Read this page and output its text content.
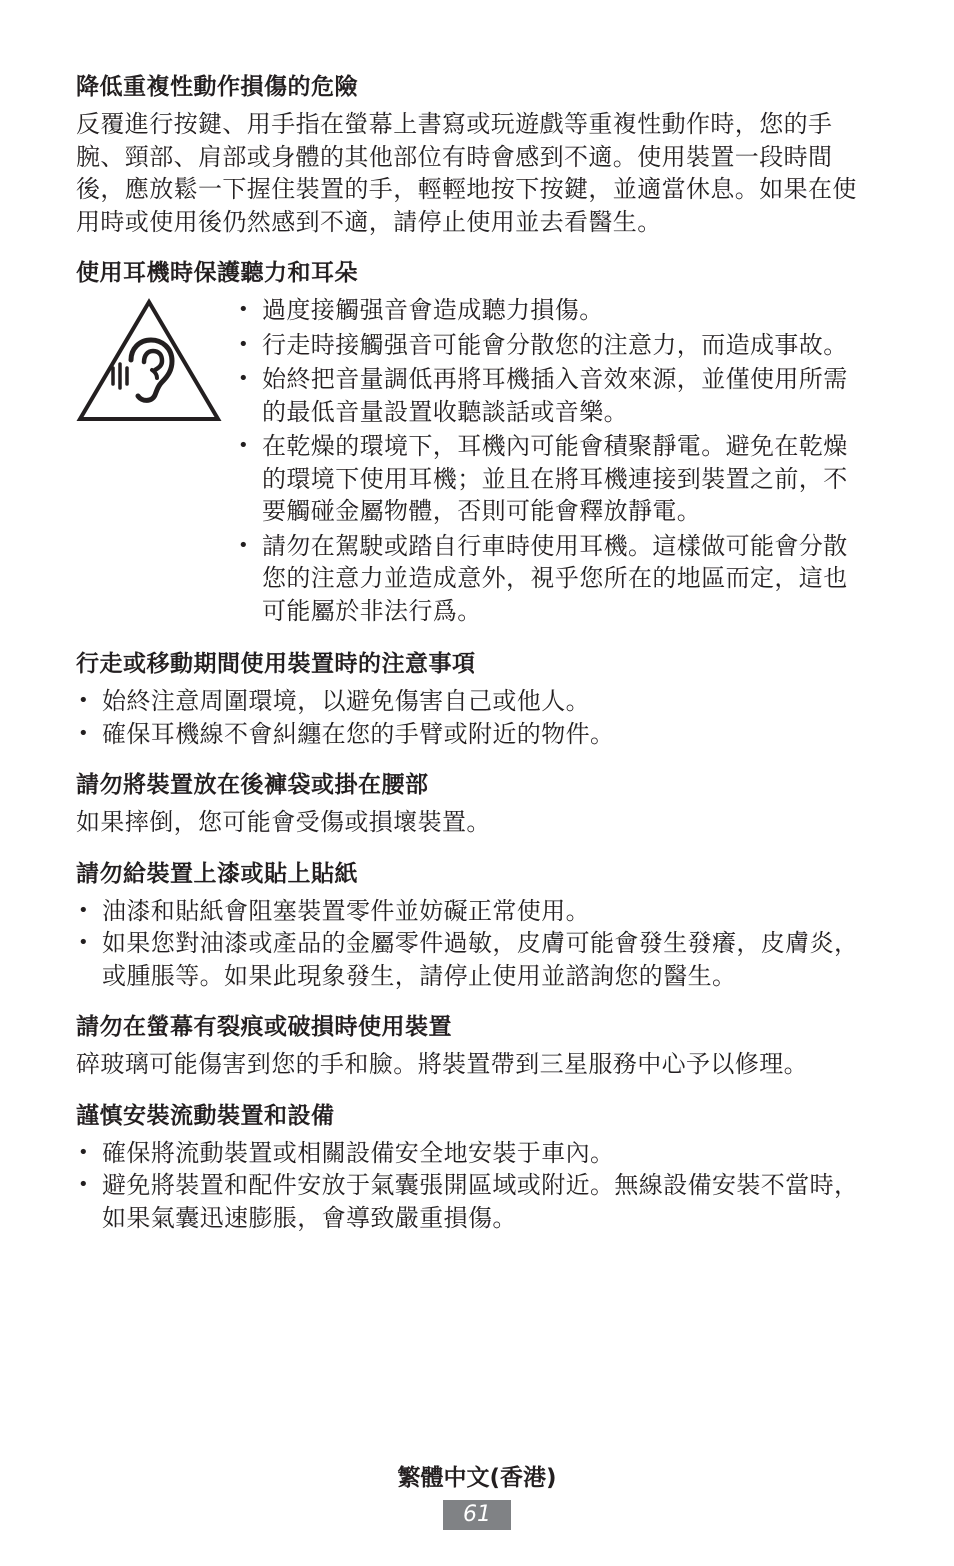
降低重複性動作損傷的危險

反覆進行按鍵、用手指在螢幕上書寫或玩遊戲等重複性動作時，您的手腕、頸部、肩部或身體的其他部位有時會感到不適。使用裝置一段時間後，應放鬆一下握住裝置的手，輕輕地按下按鍵，並適當休息。如果在使用時或使用後仍然感到不適，請停止使用並去看醫生。

使用耳機時保護聽力和耳朵
• 過度接觸强音會造成聽力損傷。
• 行走時接觸强音可能會分散您的注意力，而造成事故。
• 始終把音量調低再將耳機插入音效來源，並僅使用所需的最低音量設置收聽談話或音樂。
• 在乾燥的環境下，耳機內可能會積聚靜電。避免在乾燥的環境下使用耳機；並且在將耳機連接到裝置之前，不要觸碰金屬物體，否則可能會釋放靜電。
• 請勿在駕駛或踏自行車時使用耳機。這樣做可能會分散您的注意力並造成意外，視乎您所在的地區而定，這也可能屬於非法行爲。
行走或移動期間使用裝置時的注意事項
• 始終注意周圍環境，以避免傷害自己或他人。
• 確保耳機線不會糾纏在您的手臂或附近的物件。
請勿將裝置放在後褲袋或掛在腰部

如果摔倒，您可能會受傷或損壞裝置。

請勿給裝置上漆或貼上貼紙
• 油漆和貼紙會阻塞裝置零件並妨礙正常使用。
• 如果您對油漆或產品的金屬零件過敏，皮膚可能會發生發癢，皮膚炎，或腫脹等。如果此現象發生，請停止使用並諮詢您的醫生。
請勿在螢幕有裂痕或破損時使用裝置

碎玻璃可能傷害到您的手和臉。將裝置帶到三星服務中心予以修理。

謹慎安裝流動裝置和設備
• 確保將流動裝置或相關設備安全地安裝于車內。
• 避免將裝置和配件安放于氣囊張開區域或附近。無線設備安裝不當時，如果氣囊迅速膨脹，會導致嚴重損傷。
繁體中文(香港)
61
